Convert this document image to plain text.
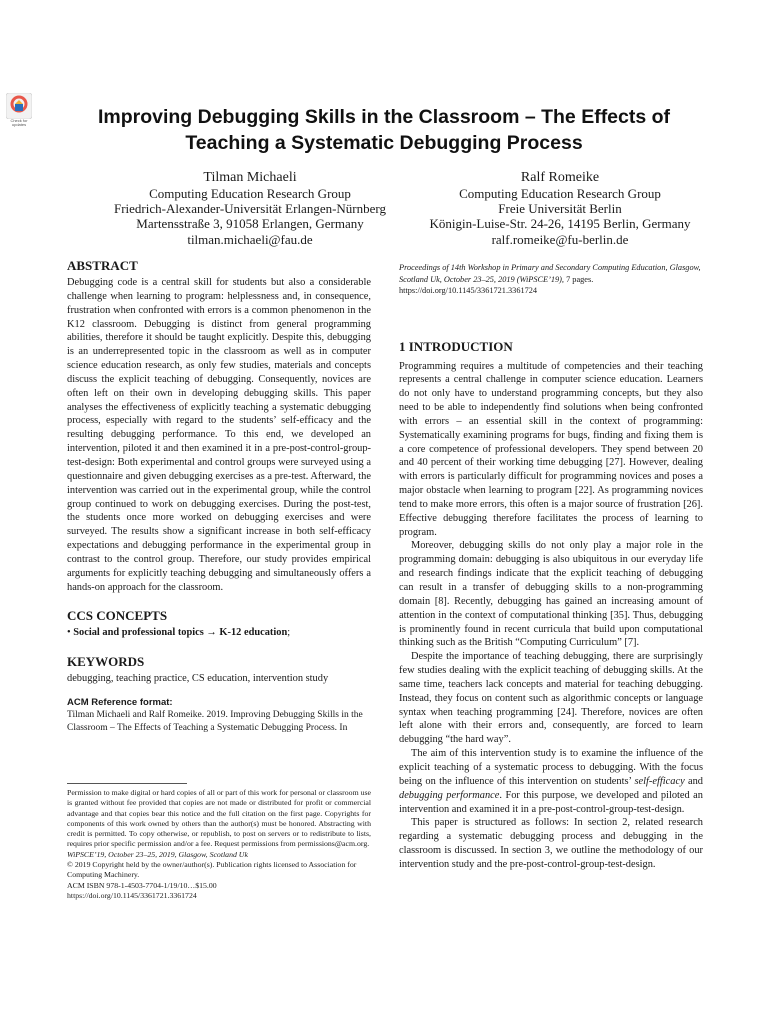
Check for
updates	Improving Debugging Skills in the Classroom – The Effects of
Teaching a Systematic Debugging Process
Tilman Michaeli
Computing Education Research Group
Friedrich-Alexander-Universität Erlangen-Nürnberg
Martensstraße 3, 91058 Erlangen, Germany
tilman.michaeli@fau.de
Ralf Romeike
Computing Education Research Group
Freie Universität Berlin
Königin-Luise-Str. 24-26, 14195 Berlin, Germany
ralf.romeike@fu-berlin.de
ABSTRACT

Debugging code is a central skill for students but also a considerable challenge when learning to program: helplessness and, in consequence, frustration when confronted with errors is a common phenomenon in the K12 classroom. Debugging is distinct from general programming abilities, therefore it should be taught explicitly. Despite this, debugging is an underrepresented topic in the classroom as well as in computer science education research, as only few studies, materials and concepts discuss the explicit teaching of debugging. Consequently, novices are often left on their own in developing debugging skills. This paper analyses the effectiveness of explicitly teaching a systematic debugging process, especially with regard to the students’ self-efficacy and the resulting debugging performance. To this end, we developed an intervention, piloted it and then examined it in a pre-post-control-group-test-design: Both experimental and control groups were surveyed using a questionnaire and given debugging exercises as a pre-test. Afterward, the intervention was carried out in the experimental group, while the control group continued to work on debugging exercises. During the post-test, the students once more worked on debugging exercises and were surveyed. The results show a significant increase in both self-efficacy expectations and debugging performance in the experimental group in contrast to the control group. Therefore, our study provides empirical arguments for explicitly teaching debugging and simultaneously offers a hands-on approach for the classroom.

CCS CONCEPTS

• Social and professional topics → K-12 education;

KEYWORDS

debugging, teaching practice, CS education, intervention study

ACM Reference format:

Tilman Michaeli and Ralf Romeike. 2019. Improving Debugging Skills in the Classroom – The Effects of Teaching a Systematic Debugging Process. In

Permission to make digital or hard copies of all or part of this work for personal or classroom use is granted without fee provided that copies are not made or distributed for profit or commercial advantage and that copies bear this notice and the full citation on the first page. Copyrights for components of this work owned by others than the author(s) must be honored. Abstracting with credit is permitted. To copy otherwise, or republish, to post on servers or to redistribute to lists, requires prior specific permission and/or a fee. Request permissions from permissions@acm.org.
WiPSCE’19, October 23–25, 2019, Glasgow, Scotland Uk
© 2019 Copyright held by the owner/author(s). Publication rights licensed to Association for Computing Machinery.
ACM ISBN 978-1-4503-7704-1/19/10…$15.00
https://doi.org/10.1145/3361721.3361724
Proceedings of 14th Workshop in Primary and Secondary Computing Education, Glasgow, Scotland Uk, October 23–25, 2019 (WiPSCE’19), 7 pages.
https://doi.org/10.1145/3361721.3361724
1 INTRODUCTION

Programming requires a multitude of competencies and their teaching represents a central challenge in computer science education. Learners do not only have to understand programming concepts, but they also need to be able to independently find solutions when being confronted with errors – an essential skill in the context of programming: Systematically examining programs for bugs, finding and fixing them is a core competence of professional developers. They spend between 20 and 40 percent of their working time debugging [27]. However, dealing with errors is particularly difficult for programming novices and poses a major obstacle when learning to program [22]. As programming novices tend to make more errors, this often is a major source of frustration [26]. Effective debugging therefore facilitates the process of learning to program.

Moreover, debugging skills do not only play a major role in the programming domain: debugging is also ubiquitous in our everyday life and research findings indicate that the explicit teaching of debugging can result in a transfer of debugging skills to a non-programming domain [8]. Recently, debugging has gained an increasing amount of attention in the context of computational thinking [35]. Thus, debugging is prominently found in recent curricula that build upon computational thinking such as the British “Computing Curriculum” [7].

Despite the importance of teaching debugging, there are surprisingly few studies dealing with the explicit teaching of debugging skills. At the same time, teachers lack concepts and material for teaching debugging. Instead, they focus on content such as algorithmic concepts or language syntax when teaching programming [24]. Therefore, novices are often left alone with their errors and, consequently, are forced to learn debugging “the hard way”.

The aim of this intervention study is to examine the influence of the explicit teaching of a systematic process to debugging. With the focus being on the influence of this intervention on students’ self-efficacy and debugging performance. For this purpose, we developed and piloted an intervention and examined it in a pre-post-control-group-test-design.

This paper is structured as follows: In section 2, related research regarding a systematic debugging process and debugging in the classroom is discussed. In section 3, we outline the methodology of our intervention study and the pre-post-control-group-test-design.
